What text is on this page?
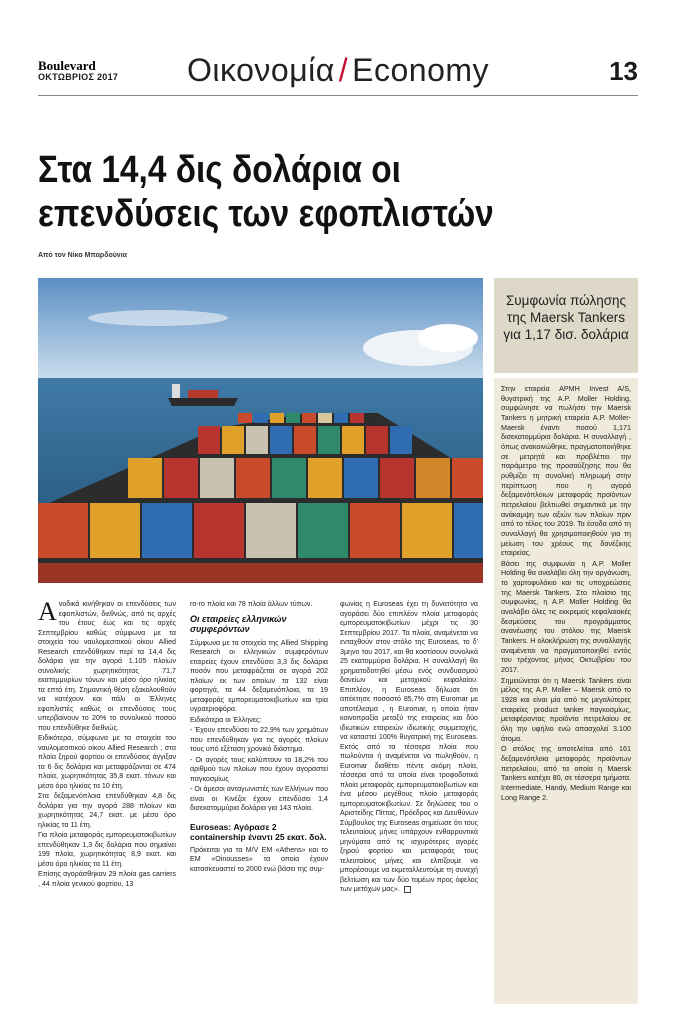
Boulevard
ΟΚΤΩΒΡΙΟΣ 2017	Οικονομία / Economy	13
Στα 14,4 δις δολάρια οι επενδύσεις των εφοπλιστών
Από τον Νίκο Μπαρδούνια
Συμφωνία πώλησης της Maersk Tankers για 1,17 δισ. δολάρια

Στην εταιρεία APMH Invest A/S, θυγατρική της A.P. Moller Holding, συμφώνησε να πωλήσει την Maersk Tankers η μητρική εταιρεία A.P. Moller-Maersk έναντι ποσού 1,171 δισεκατομμύρια δολάρια. Η συναλλαγή , όπως ανακοινώθηκε, πραγματοποιήθηκε σε μετρητά και προβλέπει την παράμετρο της προσαύξησης που θα ρυθμίζει τη συνολική πληρωμή στην περίπτωση που η αγορά δεξαμενόπλοιων μεταφοράς προϊόντων πετρελαίου βελτιωθεί σημαντικά με την ανάκαμψη των αξιών των πλοίων πριν από το τέλος του 2019. Τα έσοδα από τη συναλλαγή θα χρησιμοποιηθούν για τη μείωση του χρέους της δανέζικης εταιρείας.

Βάσει της συμφωνία η A.P. Moller Holding θα αναλάβει όλη την οργάνωση, το χαρτοφυλάκιο και τις υποχρεώσεις της Maersk Tankers. Στο πλαίσιο της συμφωνίας, η A.P. Moller Holding θα αναλάβει όλες τις εκκρεμείς κεφαλαιακές δεσμεύσεις του προγράμματος ανανέωσης του στόλου της Maersk Tankers. Η ολοκλήρωση της συναλλαγής αναμένεται να πραγματοποιηθεί εντός του τρέχοντος μήνας Οκτωβρίου του 2017.

Σημειώνεται ότι η Maersk Tankers είναι μέλος της A.P. Moller – Maersk από το 1928 και είναι μία από τις μεγαλύτερες εταιρείες product tanker παγκοσμίως, μεταφέροντας προϊόντα πετρελαίου σε όλη την υφήλιο ενώ απασχολεί 3.100 άτομα.

Ο στόλος της αποτελείται από 161 δεξαμενόπλοια μεταφοράς προϊόντων πετρελαίου, από τα οποία η Maersk Tankers κατέχει 80, σε τέσσερα τμήματα. Intermediate, Handy, Medium Range και Long Range 2.

Ανοδικά κινήθηκαν οι επενδύσεις των εφοπλιστών, διεθνώς, από τις αρχές του έτους έως και τις αρχές Σεπτεμβρίου καθώς σύμφωνα με τα στοιχεία του ναυλομεσιτικού οίκου Allied Research επενδύθηκαν περί τα 14,4 δις δολάρια για την αγορά 1.105 πλοίων συνολικής χωρητικότητας 71,7 εκατομμυρίων τόνων και μέσο όρο ηλικίας τα επτά έτη. Σημαντική θέση εξακολουθούν να κατέχουν και πάλι οι Έλληνες εφοπλιστές καθώς οι επενδύσεις τους υπερβαίνουν το 20% το συνολικού ποσού που επενδύθηκε διεθνώς.

Ειδικότερα, σύμφωνα με τα στοιχεία του ναυλομεσιτικού οίκου Allied Research , στα πλοία ξηρού φορτίου οι επενδύσεις άγγιξαν τα 6 δις δολάρια και μεταφράζονται σε 474 πλοία, χωρητικότητας 35,8 εκατ. τόνων και μέσο όρο ηλικίας τα 10 έτη.

Στα δεξαμενόπλοια επενδύθηκαν 4,8 δις δολάρια για την αγορά 288 πλοίων και χωρητικότητας 24,7 εκατ. με μέσο όρο ηλικίας τα 11 έτη.

Για πλοία μεταφοράς εμπορευματοκιβωτίων επενδύθηκαν 1,3 δις δολάρια που σημαίνει 199 πλοία, χωρητικότητας 8,9 εκατ. και μέσο όρο ηλικίας τα 11 έτη.

Επίσης αγοράσθηκαν 29 πλοία gas carriers , 44 πλοία γενικού φορτίου, 13

ro-ro πλοία και 78 πλοία άλλων τύπων.

Οι εταιρείες ελληνικών συμφερόντων

Σύμφωνα με τα στοιχεία της Allied Shipping Research οι ελληνικών συμφερόντων εταιρείες έχουν επενδύσει 3,3 δις δολάρια ποσόν που μεταφράζεται σε αγορά 202 πλοίων εκ των οποίων τα 132 είναι φορτηγά, τα 44 δεξαμενόπλοια, τα 19 μεταφοράς εμπορευματοκιβωτίων και τρία υγραεριοφόρα.

Ειδικότερα οι Έλληνες:

- Έχουν επενδύσει το 22,9% των χρημάτων που επενδύθηκαν για τις αγορές πλοίων τους υπό εξέταση χρονικό διάστημα.

- Οι αγορές τους καλύπτουν το 18,2% του αριθμού των πλοίων που έχουν αγοραστεί παγκοσμίως

- Οι άμεσοι ανταγωνιστές των Ελλήνων που είναι οι Κινέζοι έχουν επενδύσει 1,4 δισεκατομμύρια δολάρια για 143 πλοία.

Euroseas: Αγόρασε 2 containership έναντι 25 εκατ. δολ.

Πρόκειται για τα M/V EM «Athens» και το EM «Oinousses» τα οποία έχουν κατασκευαστεί το 2000 ενώ βάσει της συμ-

φωνίας η Euroseas έχει τη δυνατότητα να αγοράσει δύο επιπλέον πλοία μεταφοράς εμπορευματοκιβωτίων μέχρι τις 30 Σεπτεμβρίου 2017. Τα πλοία, αναμένεται να ενταχθούν στον στόλο της Euroseas, το δ' 3μηνο του 2017, και θα κοστίσουν συνολικά 25 εκατομμύρια δολάρια. Η συναλλαγή θα χρηματοδοτηθεί μέσω ενός συνδυασμού δανείων και μετοχικού κεφαλαίου. Επιπλέον, η Euroseas δήλωσε ότι απέκτησε ποσοστό 85,7% στη Euromar με αποτέλεσμα , η Euromar, η οποία ήταν κοινοπραξία μεταξύ της εταιρείας και δύο ιδιωτικών εταιρειών ιδιωτικής συμμετοχής, να καταστεί 100% θυγατρική της Euroseas. Εκτός από τα τέσσερα πλοία που πωλούνται ή αναμένεται να πωληθούν, η Euromar διαθέτει πέντε ακόμη πλοία, τέσσερα από τα οποία είναι τροφοδοτικά πλοία μεταφοράς εμπορευματοκιβωτίων και ένα μέσου μεγέθους πλοίο μεταφοράς εμπορευματοκιβωτίων. Σε δηλώσεις του ο Αριστείδης Πίττας, Πρόεδρος και Διευθύνων Σύμβουλος της Euroseas σημείωσε ότι τους τελευταίους μήνες υπάρχουν ενθαρρυντικά μηνύματα από τις ισχυρότερες αγορές ξηρού φορτίου και μεταφοράς τους τελευταίους μήνες και ελπίζουμε να μπορέσουμε να εκμεταλλευτούμε τη συνεχή βελτίωση και των δύο τομέων προς όφελος των μετόχων μας».
